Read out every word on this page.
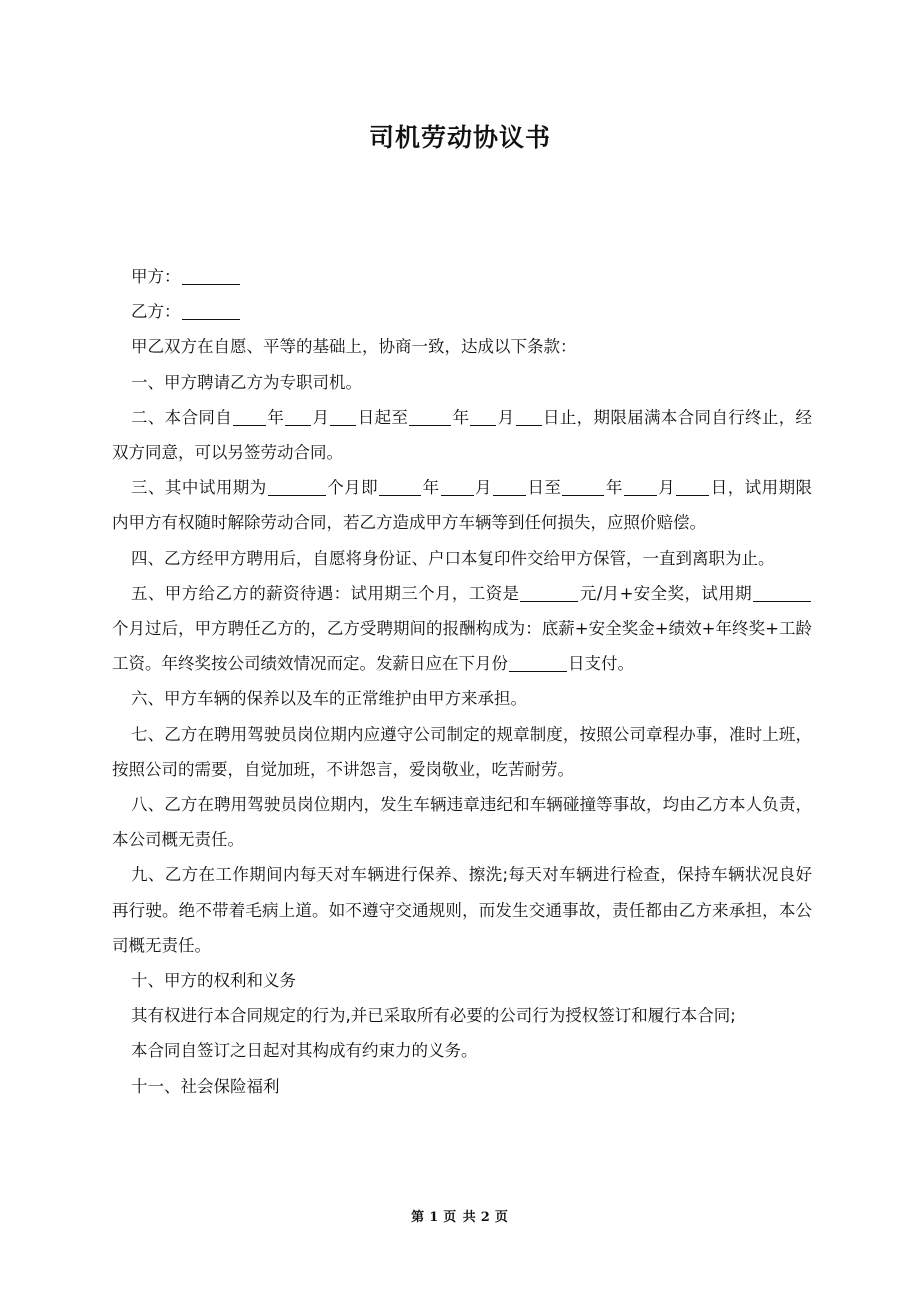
司机劳动协议书

甲方：

乙方：

甲乙双方在自愿、平等的基础上，协商一致，达成以下条款：

一、甲方聘请乙方为专职司机。

二、本合同自 年 月 日起至	年 月 日止，期限届满本合同自行终止，经双方同意，可以另签劳动合同。

三、其中试用期为	个月即	年 月 日至	年 月 日，试用期限内甲方有权随时解除劳动合同，若乙方造成甲方车辆等到任何损失，应照价赔偿。

四、乙方经甲方聘用后，自愿将身份证、户口本复印件交给甲方保管，一直到离职为止。

五、甲方给乙方的薪资待遇：试用期三个月，工资是	元/月+安全奖，试用期个月过后，甲方聘任乙方的，乙方受聘期间的报酬构成为：底薪+安全奖金+绩效+年终奖+工龄工资。年终奖按公司绩效情况而定。发薪日应在下月份	日支付。

六、甲方车辆的保养以及车的正常维护由甲方来承担。

七、乙方在聘用驾驶员岗位期内应遵守公司制定的规章制度，按照公司章程办事，准时上班，按照公司的需要，自觉加班，不讲怨言，爱岗敬业，吃苦耐劳。

八、乙方在聘用驾驶员岗位期内，发生车辆违章违纪和车辆碰撞等事故，均由乙方本人负责，本公司概无责任。

九、乙方在工作期间内每天对车辆进行保养、擦洗;每天对车辆进行检查，保持车辆状况良好再行驶。绝不带着毛病上道。如不遵守交通规则，而发生交通事故，责任都由乙方来承担，本公司概无责任。

十、甲方的权利和义务

其有权进行本合同规定的行为,并已采取所有必要的公司行为授权签订和履行本合同;

本合同自签订之日起对其构成有约束力的义务。

十一、社会保险福利

第 1 页 共 2 页
